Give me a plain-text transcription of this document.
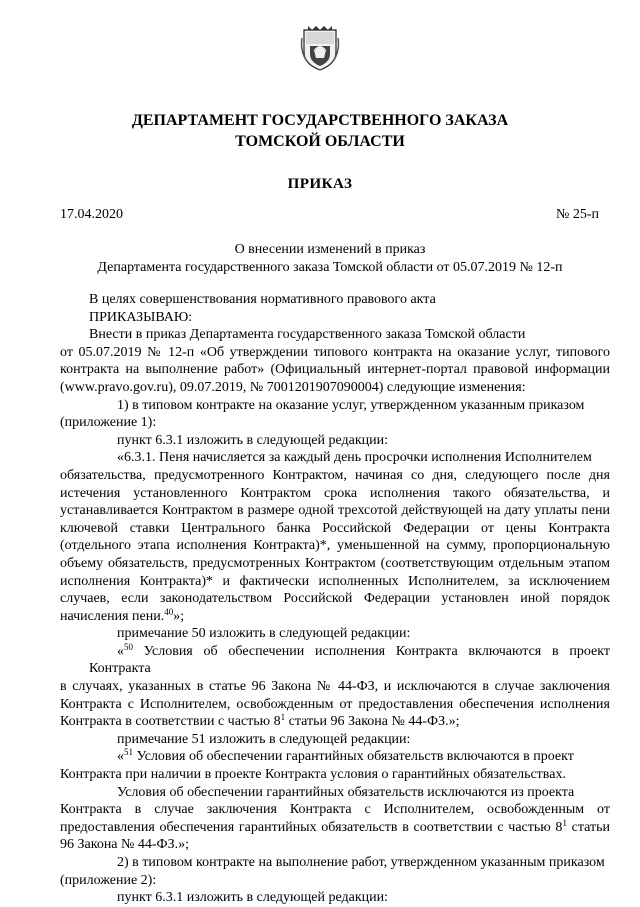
ДЕПАРТАМЕНТ ГОСУДАРСТВЕННОГО ЗАКАЗА
ТОМСКОЙ ОБЛАСТИ
ПРИКАЗ
17.04.2020	№ 25-п
О внесении изменений в приказ
Департамента государственного заказа Томской области от 05.07.2019 № 12-п

В целях совершенствования нормативного правового акта

ПРИКАЗЫВАЮ:

Внести в приказ Департамента государственного заказа Томской области

от 05.07.2019 № 12-п «Об утверждении типового контракта на оказание услуг, типового контракта на выполнение работ» (Официальный интернет-портал правовой информации (www.pravo.gov.ru), 09.07.2019, № 7001201907090004) следующие изменения:

1) в типовом контракте на оказание услуг, утвержденном указанным приказом

(приложение 1):

пункт 6.3.1 изложить в следующей редакции:

«6.3.1. Пеня начисляется за каждый день просрочки исполнения Исполнителем

обязательства, предусмотренного Контрактом, начиная со дня, следующего после дня истечения установленного Контрактом срока исполнения такого обязательства, и устанавливается Контрактом в размере одной трехсотой действующей на дату уплаты пени ключевой ставки Центрального банка Российской Федерации от цены Контракта (отдельного этапа исполнения Контракта)*, уменьшенной на сумму, пропорциональную объему обязательств, предусмотренных Контрактом (соответствующим отдельным этапом исполнения Контракта)* и фактически исполненных Исполнителем, за исключением случаев, если законодательством Российской Федерации установлен иной порядок начисления пени.$^{40}$»;

примечание 50 изложить в следующей редакции:

«$^{50}$ Условия об обеспечении исполнения Контракта включаются в проект Контракта

в случаях, указанных в статье 96 Закона № 44-ФЗ, и исключаются в случае заключения Контракта с Исполнителем, освобожденным от предоставления обеспечения исполнения Контракта в соответствии с частью $8^1$ статьи 96 Закона № 44-ФЗ.»;

примечание 51 изложить в следующей редакции:

«$^{51}$ Условия об обеспечении гарантийных обязательств включаются в проект

Контракта при наличии в проекте Контракта условия о гарантийных обязательствах.

Условия об обеспечении гарантийных обязательств исключаются из проекта

Контракта в случае заключения Контракта с Исполнителем, освобожденным от предоставления обеспечения гарантийных обязательств в соответствии с частью $8^1$ статьи 96 Закона № 44-ФЗ.»;

2) в типовом контракте на выполнение работ, утвержденном указанным приказом

(приложение 2):

пункт 6.3.1 изложить в следующей редакции:
